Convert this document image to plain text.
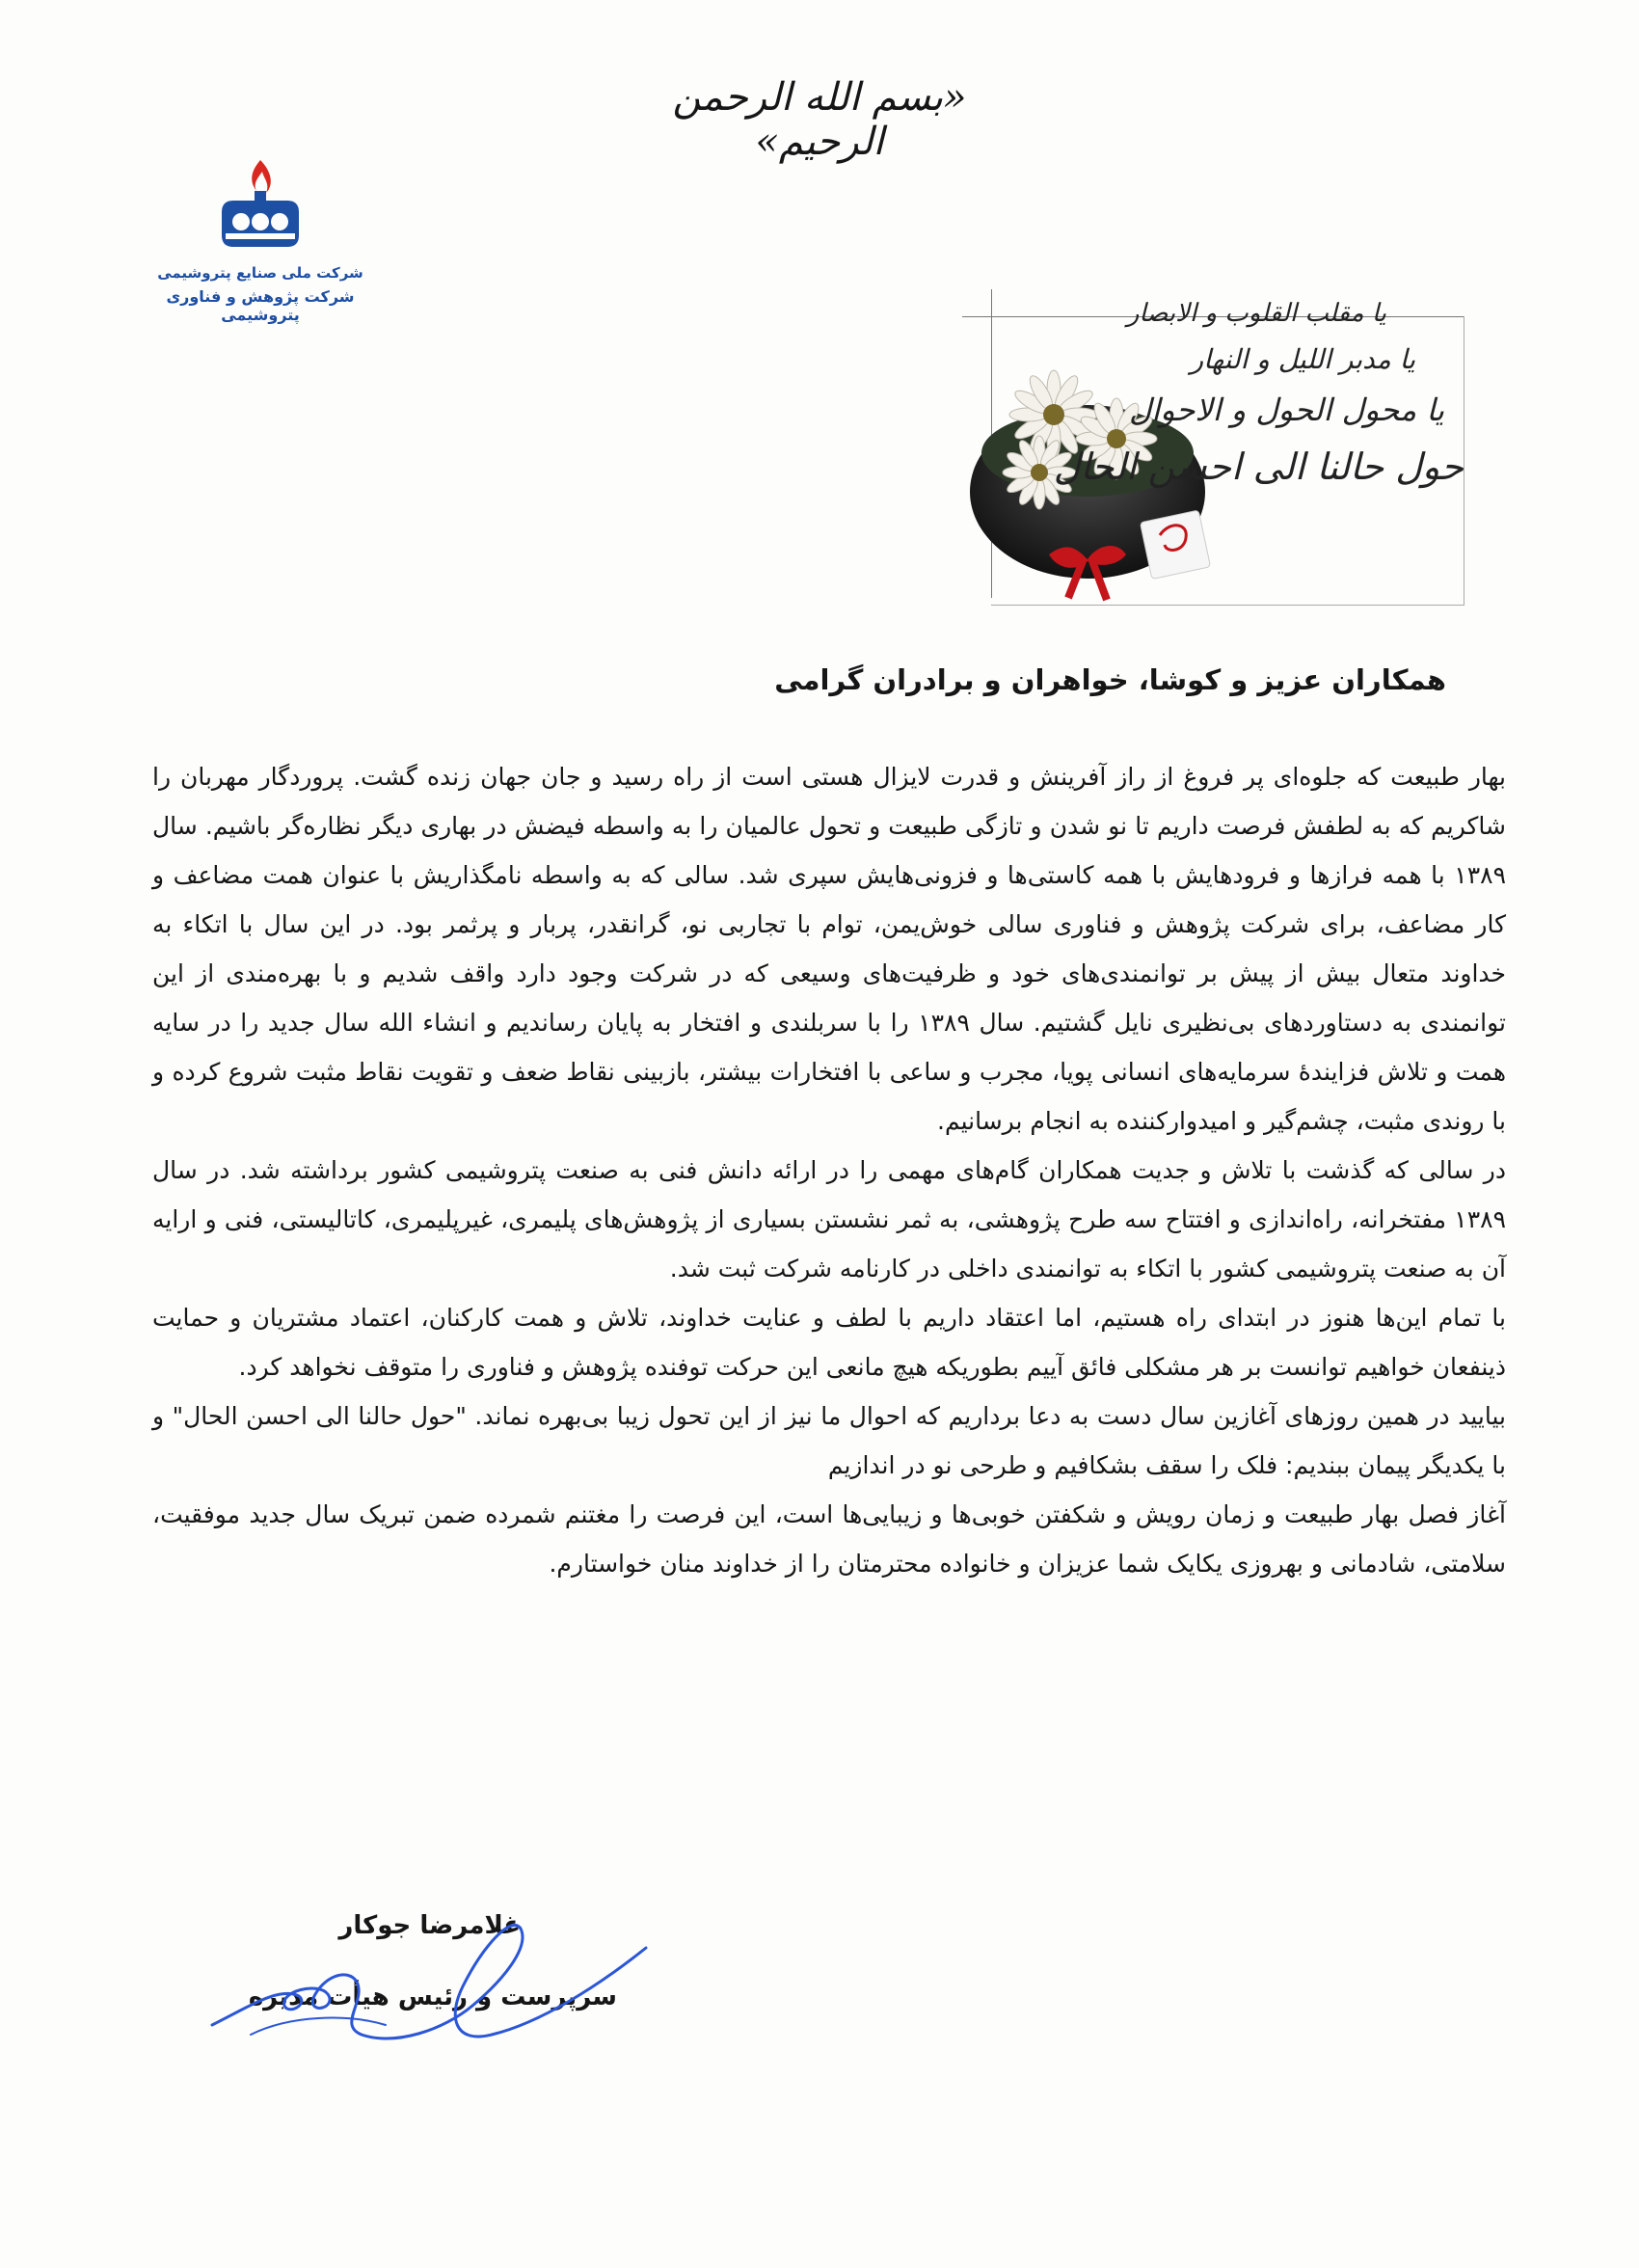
«بسم الله الرحمن الرحیم»
شرکت ملی صنایع پتروشیمی
شرکت پژوهش و فناوری پتروشیمی	یا مقلب القلوب و الابصار
یا مدبر اللیل و النهار
یا محول الحول و الاحوال
حول حالنا الی احسن الحال
همکاران عزیز و کوشا، خواهران و برادران گرامی

بهار طبیعت که جلوه‌ای پر فروغ از راز آفرینش و قدرت لایزال هستی است از راه رسید و جان جهان زنده گشت. پروردگار مهربان را شاکریم که به لطفش فرصت داریم تا نو شدن و تازگی طبیعت و تحول عالمیان را به واسطه فیضش در بهاری دیگر نظاره‌گر باشیم. سال ۱۳۸۹ با همه فرازها و فرودهایش با همه کاستی‌ها و فزونی‌هایش سپری شد. سالی که به واسطه نامگذاریش با عنوان همت مضاعف و کار مضاعف، برای شرکت پژوهش و فناوری سالی خوش‌یمن، توام با تجاربی نو، گرانقدر، پربار و پرثمر بود. در این سال با اتکاء به خداوند متعال بیش از پیش بر توانمندی‌های خود و ظرفیت‌های وسیعی که در شرکت وجود دارد واقف شدیم و با بهره‌مندی از این توانمندی به دستاوردهای بی‌نظیری نایل گشتیم. سال ۱۳۸۹ را با سربلندی و افتخار به پایان رساندیم و انشاء الله سال جدید را در سایه همت و تلاش فزایندهٔ سرمایه‌های انسانی پویا، مجرب و ساعی با افتخارات بیشتر، بازبینی نقاط ضعف و تقویت نقاط مثبت شروع کرده و با روندی مثبت، چشم‌گیر و امیدوارکننده به انجام برسانیم.

در سالی که گذشت با تلاش و جدیت همکاران گام‌های مهمی را در ارائه دانش فنی به صنعت پتروشیمی کشور برداشته شد. در سال ۱۳۸۹ مفتخرانه، راه‌اندازی و افتتاح سه طرح پژوهشی، به ثمر نشستن بسیاری از پژوهش‌های پلیمری، غیرپلیمری، کاتالیستی، فنی و ارایه آن به صنعت پتروشیمی کشور با اتکاء به توانمندی داخلی در کارنامه شرکت ثبت شد.

با تمام این‌ها هنوز در ابتدای راه هستیم، اما اعتقاد داریم با لطف و عنایت خداوند، تلاش و همت کارکنان، اعتماد مشتریان و حمایت ذینفعان خواهیم توانست بر هر مشکلی فائق آییم بطوریکه هیچ مانعی این حرکت توفنده پژوهش و فناوری را متوقف نخواهد کرد.

بیایید در همین روزهای آغازین سال دست به دعا برداریم که احوال ما نیز از این تحول زیبا بی‌بهره نماند. "حول حالنا الی احسن الحال" و با یکدیگر پیمان ببندیم: فلک را سقف بشکافیم و طرحی نو در اندازیم

آغاز فصل بهار طبیعت و زمان رویش و شکفتن خوبی‌ها و زیبایی‌ها است، این فرصت را مغتنم شمرده ضمن تبریک سال جدید موفقیت، سلامتی، شادمانی و بهروزی یکایک شما عزیزان و خانواده محترمتان را از خداوند منان خواستارم.

غلامرضا جوکار
سرپرست و رئیس هیأت مدیره
